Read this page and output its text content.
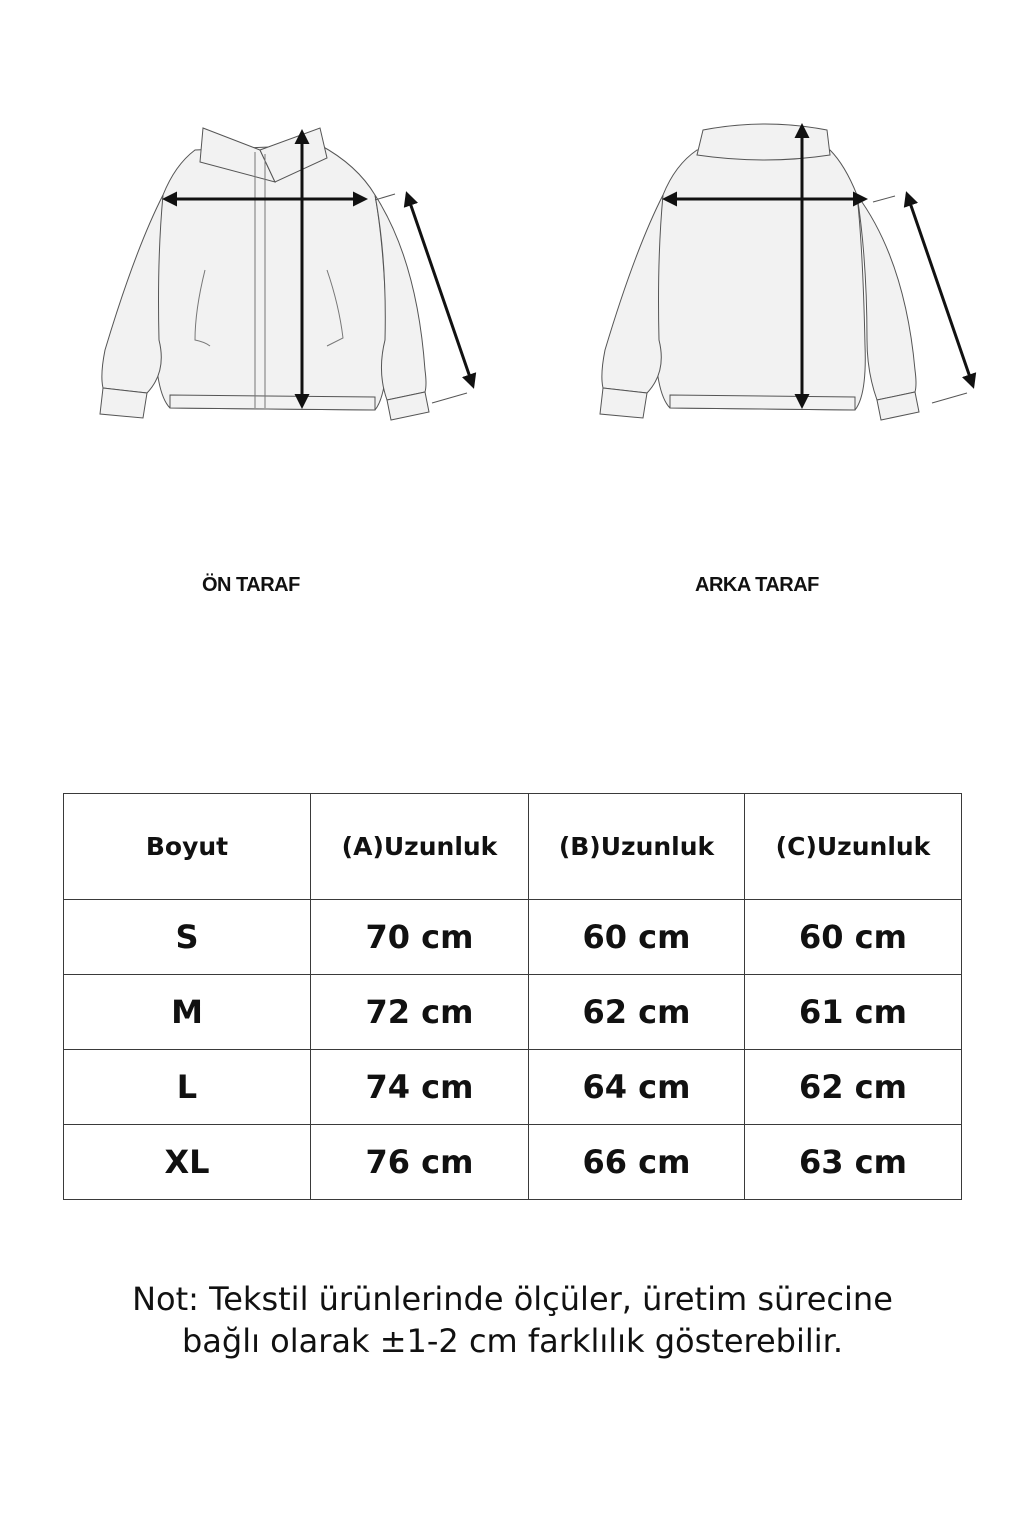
ÖN TARAF	ARKA TARAF
Boyut	(A)Uzunluk	(B)Uzunluk	(C)Uzunluk
S	70 cm	60 cm	60 cm
M	72 cm	62 cm	61 cm
L	74 cm	64 cm	62 cm
XL	76 cm	66 cm	63 cm
Not: Tekstil ürünlerinde ölçüler, üretim sürecine
bağlı olarak ±1-2 cm farklılık gösterebilir.
